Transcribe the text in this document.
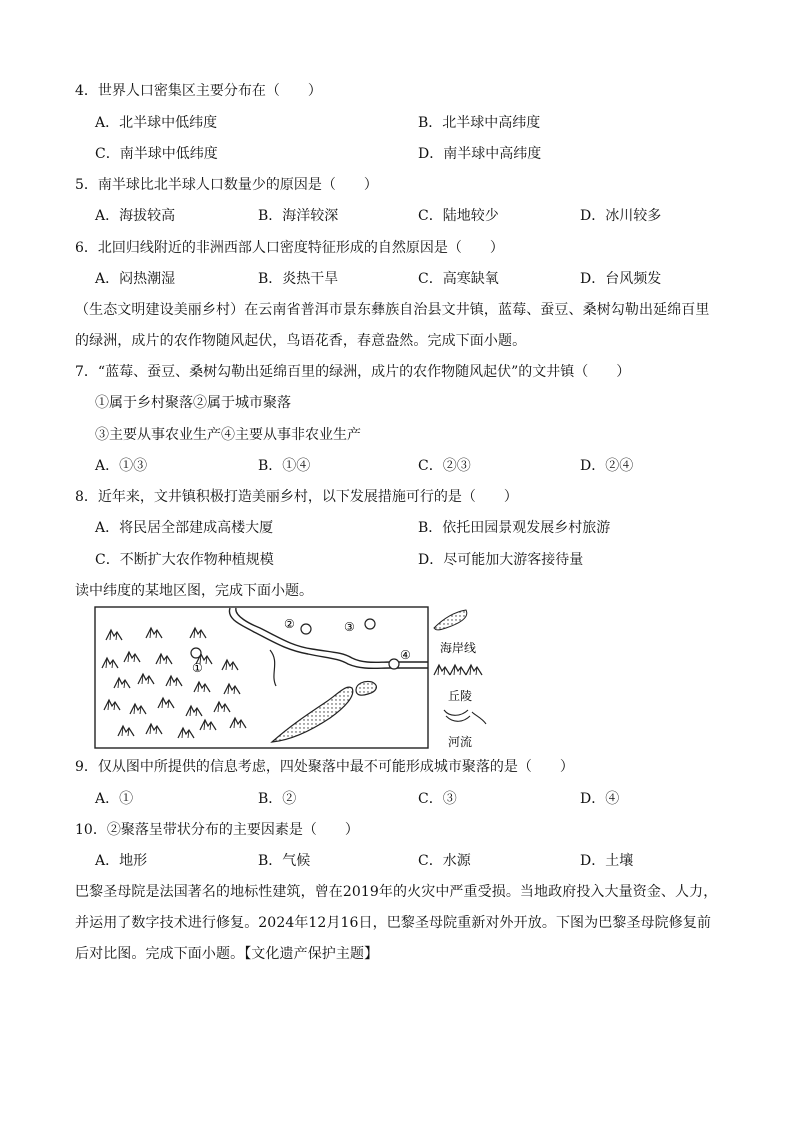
4．世界人口密集区主要分布在（　　）
A．北半球中低纬度	B．北半球中高纬度
C．南半球中低纬度	D．南半球中高纬度
5．南半球比北半球人口数量少的原因是（　　）
A．海拔较高	B．海洋较深	C．陆地较少	D．冰川较多
6．北回归线附近的非洲西部人口密度特征形成的自然原因是（　　）
A．闷热潮湿	B．炎热干旱	C．高寒缺氧	D．台风频发
（生态文明建设美丽乡村）在云南省普洱市景东彝族自治县文井镇，蓝莓、蚕豆、桑树勾勒出延绵百里
的绿洲，成片的农作物随风起伏，鸟语花香，春意盎然。完成下面小题。
7．“蓝莓、蚕豆、桑树勾勒出延绵百里的绿洲，成片的农作物随风起伏”的文井镇（　　）
①属于乡村聚落②属于城市聚落
③主要从事农业生产④主要从事非农业生产
A．①③	B．①④	C．②③	D．②④
8．近年来，文井镇积极打造美丽乡村，以下发展措施可行的是（　　）
A．将民居全部建成高楼大厦	B．依托田园景观发展乡村旅游
C．不断扩大农作物种植规模	D．尽可能加大游客接待量
读中纬度的某地区图，完成下面小题。
①
②	③
④ 海岸线
丘陵
河流
9．仅从图中所提供的信息考虑，四处聚落中最不可能形成城市聚落的是（　　）
A．①	B．②	C．③	D．④
10．②聚落呈带状分布的主要因素是（　　）
A．地形	B．气候	C．水源	D．土壤
巴黎圣母院是法国著名的地标性建筑，曾在2019年的火灾中严重受损。当地政府投入大量资金、人力，
并运用了数字技术进行修复。2024年12月16日，巴黎圣母院重新对外开放。下图为巴黎圣母院修复前
后对比图。完成下面小题。【文化遗产保护主题】
